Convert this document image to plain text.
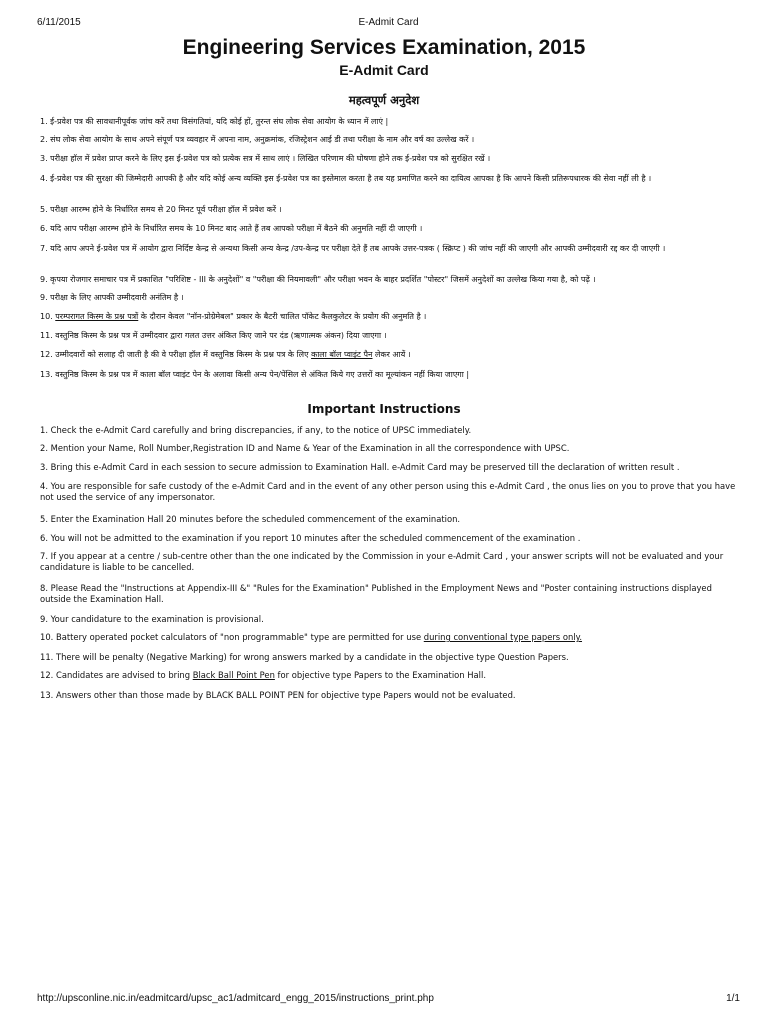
6/11/2015	E-Admit Card
Engineering Services Examination, 2015
E-Admit Card
महत्वपूर्ण अनुदेश
1. ई-प्रवेश पत्र की सावधानीपूर्वक जांच करें तथा विसंगतियां, यदि कोई हों, तुरन्त संघ लोक सेवा आयोग के ध्यान में लाएं |
2. संघ लोक सेवा आयोग के साथ अपने संपूर्ण पत्र व्यवहार में अपना नाम, अनुक्रमांक, रजिस्ट्रेशन आई डी तथा परीक्षा के नाम और वर्ष का उल्लेख करें ।
3. परीक्षा हॉल में प्रवेश प्राप्त करने के लिए इस ई-प्रवेश पत्र को प्रत्येक सत्र में साथ लाएं । लिखित परिणाम की घोषणा होने तक ई-प्रवेश पत्र को सुरक्षित रखें ।
4. ई-प्रवेश पत्र की सुरक्षा की जिम्मेदारी आपकी है और यदि कोई अन्य व्यक्ति इस ई-प्रवेश पत्र का इस्तेमाल करता है तब यह प्रमाणित करने का दायित्व आपका है कि आपने किसी प्रतिरूपधारक की सेवा नहीं ली है ।
5. परीक्षा आरम्भ होने के निर्धारित समय से 20 मिनट पूर्व परीक्षा हॉल में प्रवेश करें ।
6. यदि आप परीक्षा आरम्भ होने के निर्धारित समय के 10 मिनट बाद आते हैं तब आपको परीक्षा में बैठने की अनुमति नहीं दी जाएगी ।
7. यदि आप अपने ई-प्रवेश पत्र में आयोग द्वारा निर्दिष्ट केन्द्र से अन्यथा किसी अन्य केन्द्र /उप-केन्द्र पर परीक्षा देते हैं तब आपके उत्तर-पत्रक ( स्क्रिप्ट ) की जांच नहीं की जाएगी और आपकी उम्मीदवारी रद्द कर दी जाएगी ।
9. कृपया रोजगार समाचार पत्र में प्रकाशित "परिशिष्ट - III के अनुदेशों" व "परीक्षा की नियमावली" और परीक्षा भवन के बाहर प्रदर्शित "पोस्टर" जिसमें अनुदेशों का उल्लेख किया गया है, को पढ़ें ।
9. परीक्षा के लिए आपकी उम्मीदवारी अनंतिम है ।
10. परम्परागत किस्म के प्रश्न पत्रों के दौरान केवल "नॉन-प्रोग्रेमेबल" प्रकार के बैटरी चालित पॉकेट कैलकुलेटर के प्रयोग की अनुमति है ।
11. वस्तुनिष्ठ किस्म के प्रश्न पत्र में उम्मीदवार द्वारा गलत उत्तर अंकित किए जाने पर दंड (ऋणात्मक अंकन) दिया जाएगा ।
12. उम्मीदवारों को सलाह दी जाती है की वे परीक्षा हॉल में वस्तुनिष्ठ किस्म के प्रश्न पत्र के लिए काला बॉल प्वाइंट पैन लेकर आयें ।
13. वस्तुनिष्ठ किस्म के प्रश्न पत्र में काला बॉल प्वाइंट पेन के अलावा किसी अन्य पेन/पेंसिल से अंकित किये गए उत्तरों का मूल्यांकन नहीं किया जाएगा |
Important Instructions
1. Check the e-Admit Card carefully and bring discrepancies, if any, to the notice of UPSC immediately.
2. Mention your Name, Roll Number,Registration ID and Name & Year of the Examination in all the correspondence with UPSC.
3. Bring this e-Admit Card in each session to secure admission to Examination Hall. e-Admit Card may be preserved till the declaration of written result .
4. You are responsible for safe custody of the e-Admit Card and in the event of any other person using this e-Admit Card , the onus lies on you to prove that you have not used the service of any impersonator.
5. Enter the Examination Hall 20 minutes before the scheduled commencement of the examination.
6. You will not be admitted to the examination if you report 10 minutes after the scheduled commencement of the examination .
7. If you appear at a centre / sub-centre other than the one indicated by the Commission in your e-Admit Card , your answer scripts will not be evaluated and your candidature is liable to be cancelled.
8. Please Read the "Instructions at Appendix-III &" "Rules for the Examination" Published in the Employment News and "Poster containing instructions displayed outside the Examination Hall.
9. Your candidature to the examination is provisional.
10. Battery operated pocket calculators of "non programmable" type are permitted for use during conventional type papers only.
11. There will be penalty (Negative Marking) for wrong answers marked by a candidate in the objective type Question Papers.
12. Candidates are advised to bring Black Ball Point Pen for objective type Papers to the Examination Hall.
13. Answers other than those made by BLACK BALL POINT PEN for objective type Papers would not be evaluated.
http://upsconline.nic.in/eadmitcard/upsc_ac1/admitcard_engg_2015/instructions_print.php	1/1
